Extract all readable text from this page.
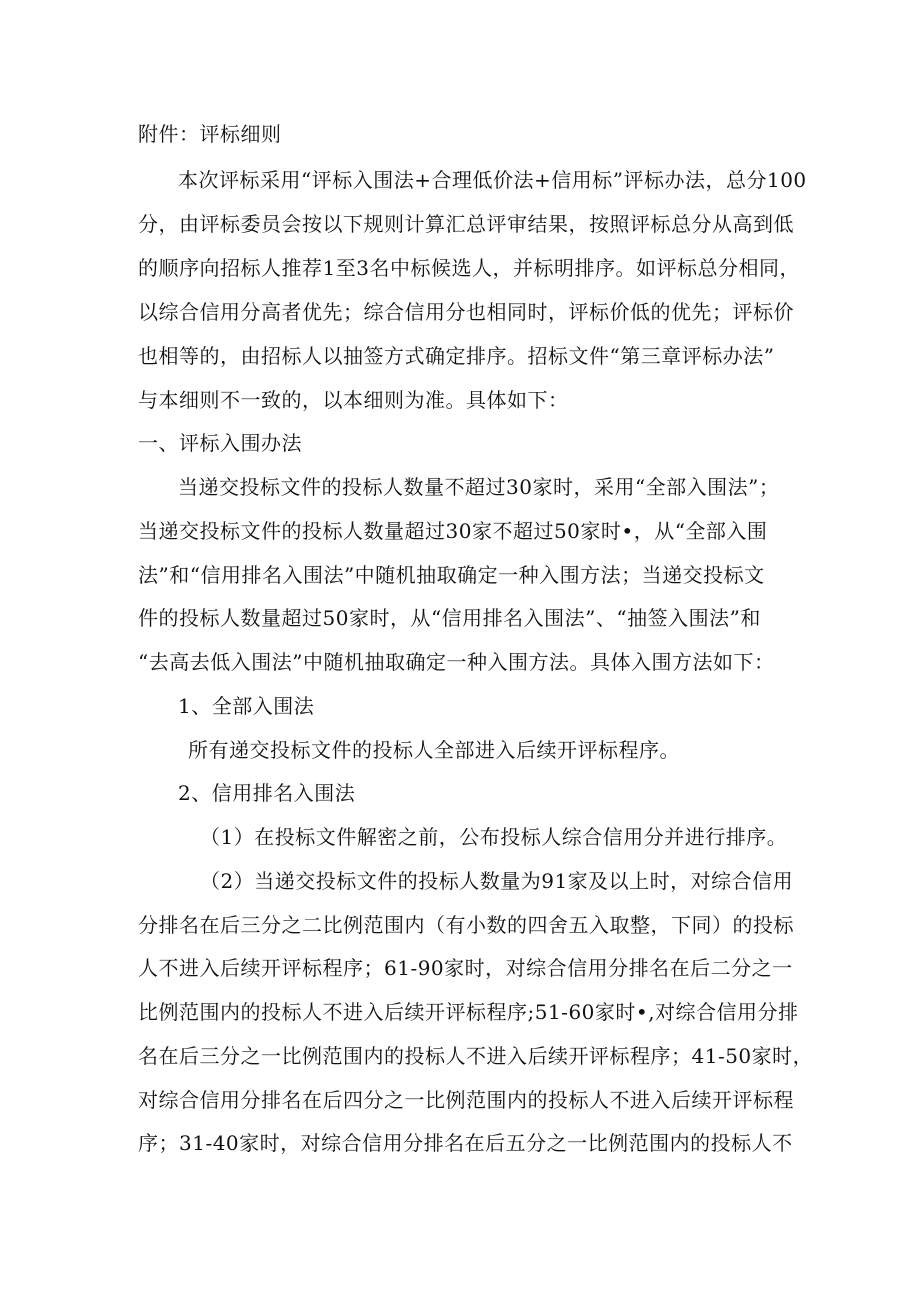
附件：评标细则
本次评标采用“评标入围法+合理低价法+信用标”评标办法，总分100
分，由评标委员会按以下规则计算汇总评审结果，按照评标总分从高到低
的顺序向招标人推荐1至3名中标候选人，并标明排序。如评标总分相同，
以综合信用分高者优先；综合信用分也相同时，评标价低的优先；评标价
也相等的，由招标人以抽签方式确定排序。招标文件“第三章评标办法”
与本细则不一致的，以本细则为准。具体如下：
一、评标入围办法
当递交投标文件的投标人数量不超过30家时，采用“全部入围法”；
当递交投标文件的投标人数量超过30家不超过50家时•，从“全部入围
法”和“信用排名入围法”中随机抽取确定一种入围方法；当递交投标文
件的投标人数量超过50家时，从“信用排名入围法”、“抽签入围法”和
“去高去低入围法”中随机抽取确定一种入围方法。具体入围方法如下：
1、全部入围法
所有递交投标文件的投标人全部进入后续开评标程序。
2、信用排名入围法
（1）在投标文件解密之前，公布投标人综合信用分并进行排序。
（2）当递交投标文件的投标人数量为91家及以上时，对综合信用
分排名在后三分之二比例范围内（有小数的四舍五入取整，下同）的投标
人不进入后续开评标程序；61-90家时，对综合信用分排名在后二分之一
比例范围内的投标人不进入后续开评标程序;51-60家时•,对综合信用分排
名在后三分之一比例范围内的投标人不进入后续开评标程序；41-50家时，
对综合信用分排名在后四分之一比例范围内的投标人不进入后续开评标程
序；31-40家时，对综合信用分排名在后五分之一比例范围内的投标人不
